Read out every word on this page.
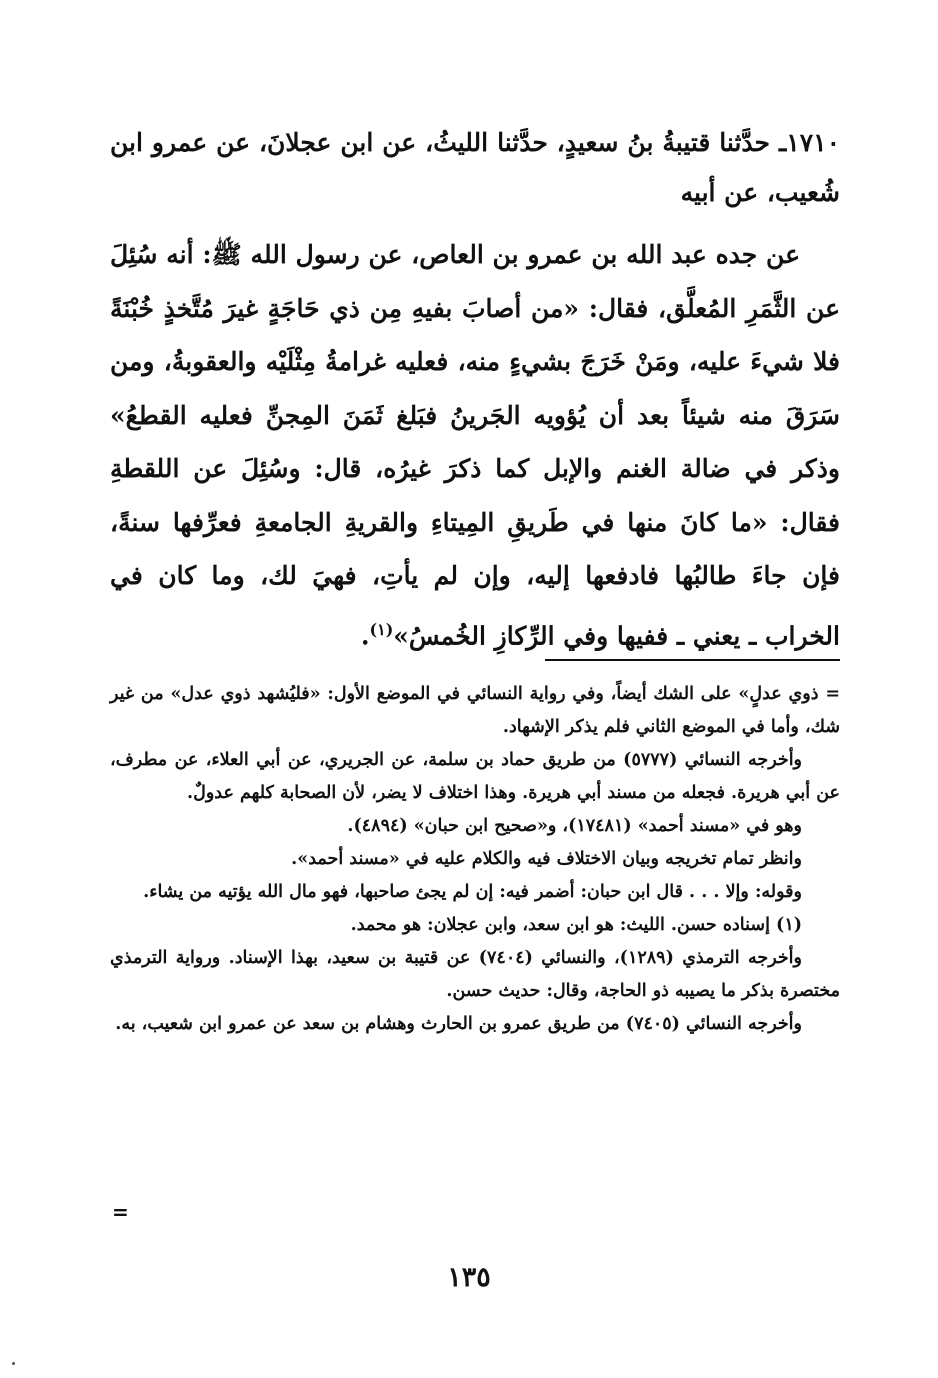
١٧١٠ـ حدَّثنا قتيبةُ بنُ سعيدٍ، حدَّثنا الليثُ، عن ابن عجلانَ، عن عمرو ابن شُعيب، عن أبيه

عن جده عبد الله بن عمرو بن العاص، عن رسول الله ﷺ: أنه سُئِلَ عن الثَّمَرِ المُعلَّق، فقال: «من أصابَ بفيهِ مِن ذي حَاجَةٍ غيرَ مُتَّخذٍ خُبْنَةً فلا شيءَ عليه، ومَنْ خَرَجَ بشيءٍ منه، فعليه غرامةُ مِثْلَيْه والعقوبةُ، ومن سَرَقَ منه شيئاً بعد أن يُؤويه الجَرينُ فبَلغ ثَمَنَ المِجنِّ فعليه القطعُ» وذكر في ضالة الغنم والإبل كما ذكرَ غيرُه، قال: وسُئِلَ عن اللقطةِ فقال: «ما كانَ منها في طَريقِ المِيتاءِ والقريةِ الجامعةِ فعرِّفها سنةً، فإن جاءَ طالبُها فادفعها إليه، وإن لم يأتِ، فهيَ لك، وما كان في الخراب ـ يعني ـ ففيها وفي الرِّكازِ الخُمسُ»$^{(١)}$.

= ذوي عدلٍ» على الشك أيضاً، وفي رواية النسائي في الموضع الأول: «فليُشهد ذوي عدل» من غير شك، وأما في الموضع الثاني فلم يذكر الإشهاد.

وأخرجه النسائي (٥٧٧٧) من طريق حماد بن سلمة، عن الجريري، عن أبي العلاء، عن مطرف، عن أبي هريرة. فجعله من مسند أبي هريرة. وهذا اختلاف لا يضر، لأن الصحابة كلهم عدولٌ.

وهو في «مسند أحمد» (١٧٤٨١)، و«صحيح ابن حبان» (٤٨٩٤).

وانظر تمام تخريجه وبيان الاختلاف فيه والكلام عليه في «مسند أحمد».

وقوله: وإلا . . . قال ابن حبان: أضمر فيه: إن لم يجئ صاحبها، فهو مال الله يؤتيه من يشاء.

(١) إسناده حسن. الليث: هو ابن سعد، وابن عجلان: هو محمد.

وأخرجه الترمذي (١٢٨٩)، والنسائي (٧٤٠٤) عن قتيبة بن سعيد، بهذا الإسناد. ورواية الترمذي مختصرة بذكر ما يصيبه ذو الحاجة، وقال: حديث حسن.

وأخرجه النسائي (٧٤٠٥) من طريق عمرو بن الحارث وهشام بن سعد عن عمرو ابن شعيب، به.

=
١٣٥
